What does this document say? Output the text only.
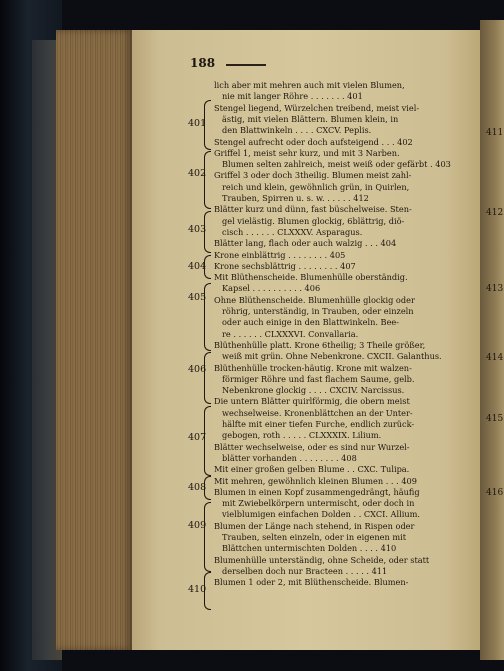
188
lich aber mit mehren auch mit vielen Blumen,
nie mit langer Röhre . . . . . . . 401
Stengel liegend, Würzelchen treibend, meist viel-
ästig, mit vielen Blättern. Blumen klein, in
den Blattwinkeln . . . . CXCV. Peplis.
Stengel aufrecht oder doch aufsteigend . . . 402
Griffel 1, meist sehr kurz, und mit 3 Narben.
Blumen selten zahlreich, meist weiß oder gefärbt . 403
Griffel 3 oder doch 3theilig. Blumen meist zahl-
reich und klein, gewöhnlich grün, in Quirlen,
Trauben, Spirren u. s. w. . . . . . 412
Blätter kurz und dünn, fast büschelweise. Sten-
gel vielästig. Blumen glockig, 6blättrig, diö-
cisch . . . . . . CLXXXV. Asparagus.
Blätter lang, flach oder auch walzig . . . 404
Krone einblättrig . . . . . . . . 405
Krone sechsblättrig . . . . . . . . 407
Mit Blüthenscheide. Blumenhülle oberständig.
Kapsel . . . . . . . . . . 406
Ohne Blüthenscheide. Blumenhülle glockig oder
röhrig, unterständig, in Trauben, oder einzeln
oder auch einige in den Blattwinkeln. Bee-
re . . . . . . CLXXXVI. Convallaria.
Blüthenhülle platt. Krone 6theilig; 3 Theile größer,
weiß mit grün. Ohne Nebenkrone. CXCII. Galanthus.
Blüthenhülle trocken-häutig. Krone mit walzen-
förmiger Röhre und fast flachem Saume, gelb.
Nebenkrone glockig . . . . CXCIV. Narcissus.
Die untern Blätter quirlförmig, die obern meist
wechselweise. Kronenblättchen an der Unter-
hälfte mit einer tiefen Furche, endlich zurück-
gebogen, roth . . . . . CLXXXIX. Lilium.
Blätter wechselweise, oder es sind nur Wurzel-
blätter vorhanden . . . . . . . . 408
Mit einer großen gelben Blume . . CXC. Tulipa.
Mit mehren, gewöhnlich kleinen Blumen . . . 409
Blumen in einen Kopf zusammengedrängt, häufig
mit Zwiebelkörpern untermischt, oder doch in
vielblumigen einfachen Dolden . . CXCI. Allium.
Blumen der Länge nach stehend, in Rispen oder
Trauben, selten einzeln, oder in eigenen mit
Blättchen untermischten Dolden . . . . 410
Blumenhülle unterständig, ohne Scheide, oder statt
derselben doch nur Bracteen . . . . . 411
Blumen 1 oder 2, mit Blüthenscheide. Blumen-
401
402
403
404
405
406
407
408
409
410
411
412
413
414
415
416
